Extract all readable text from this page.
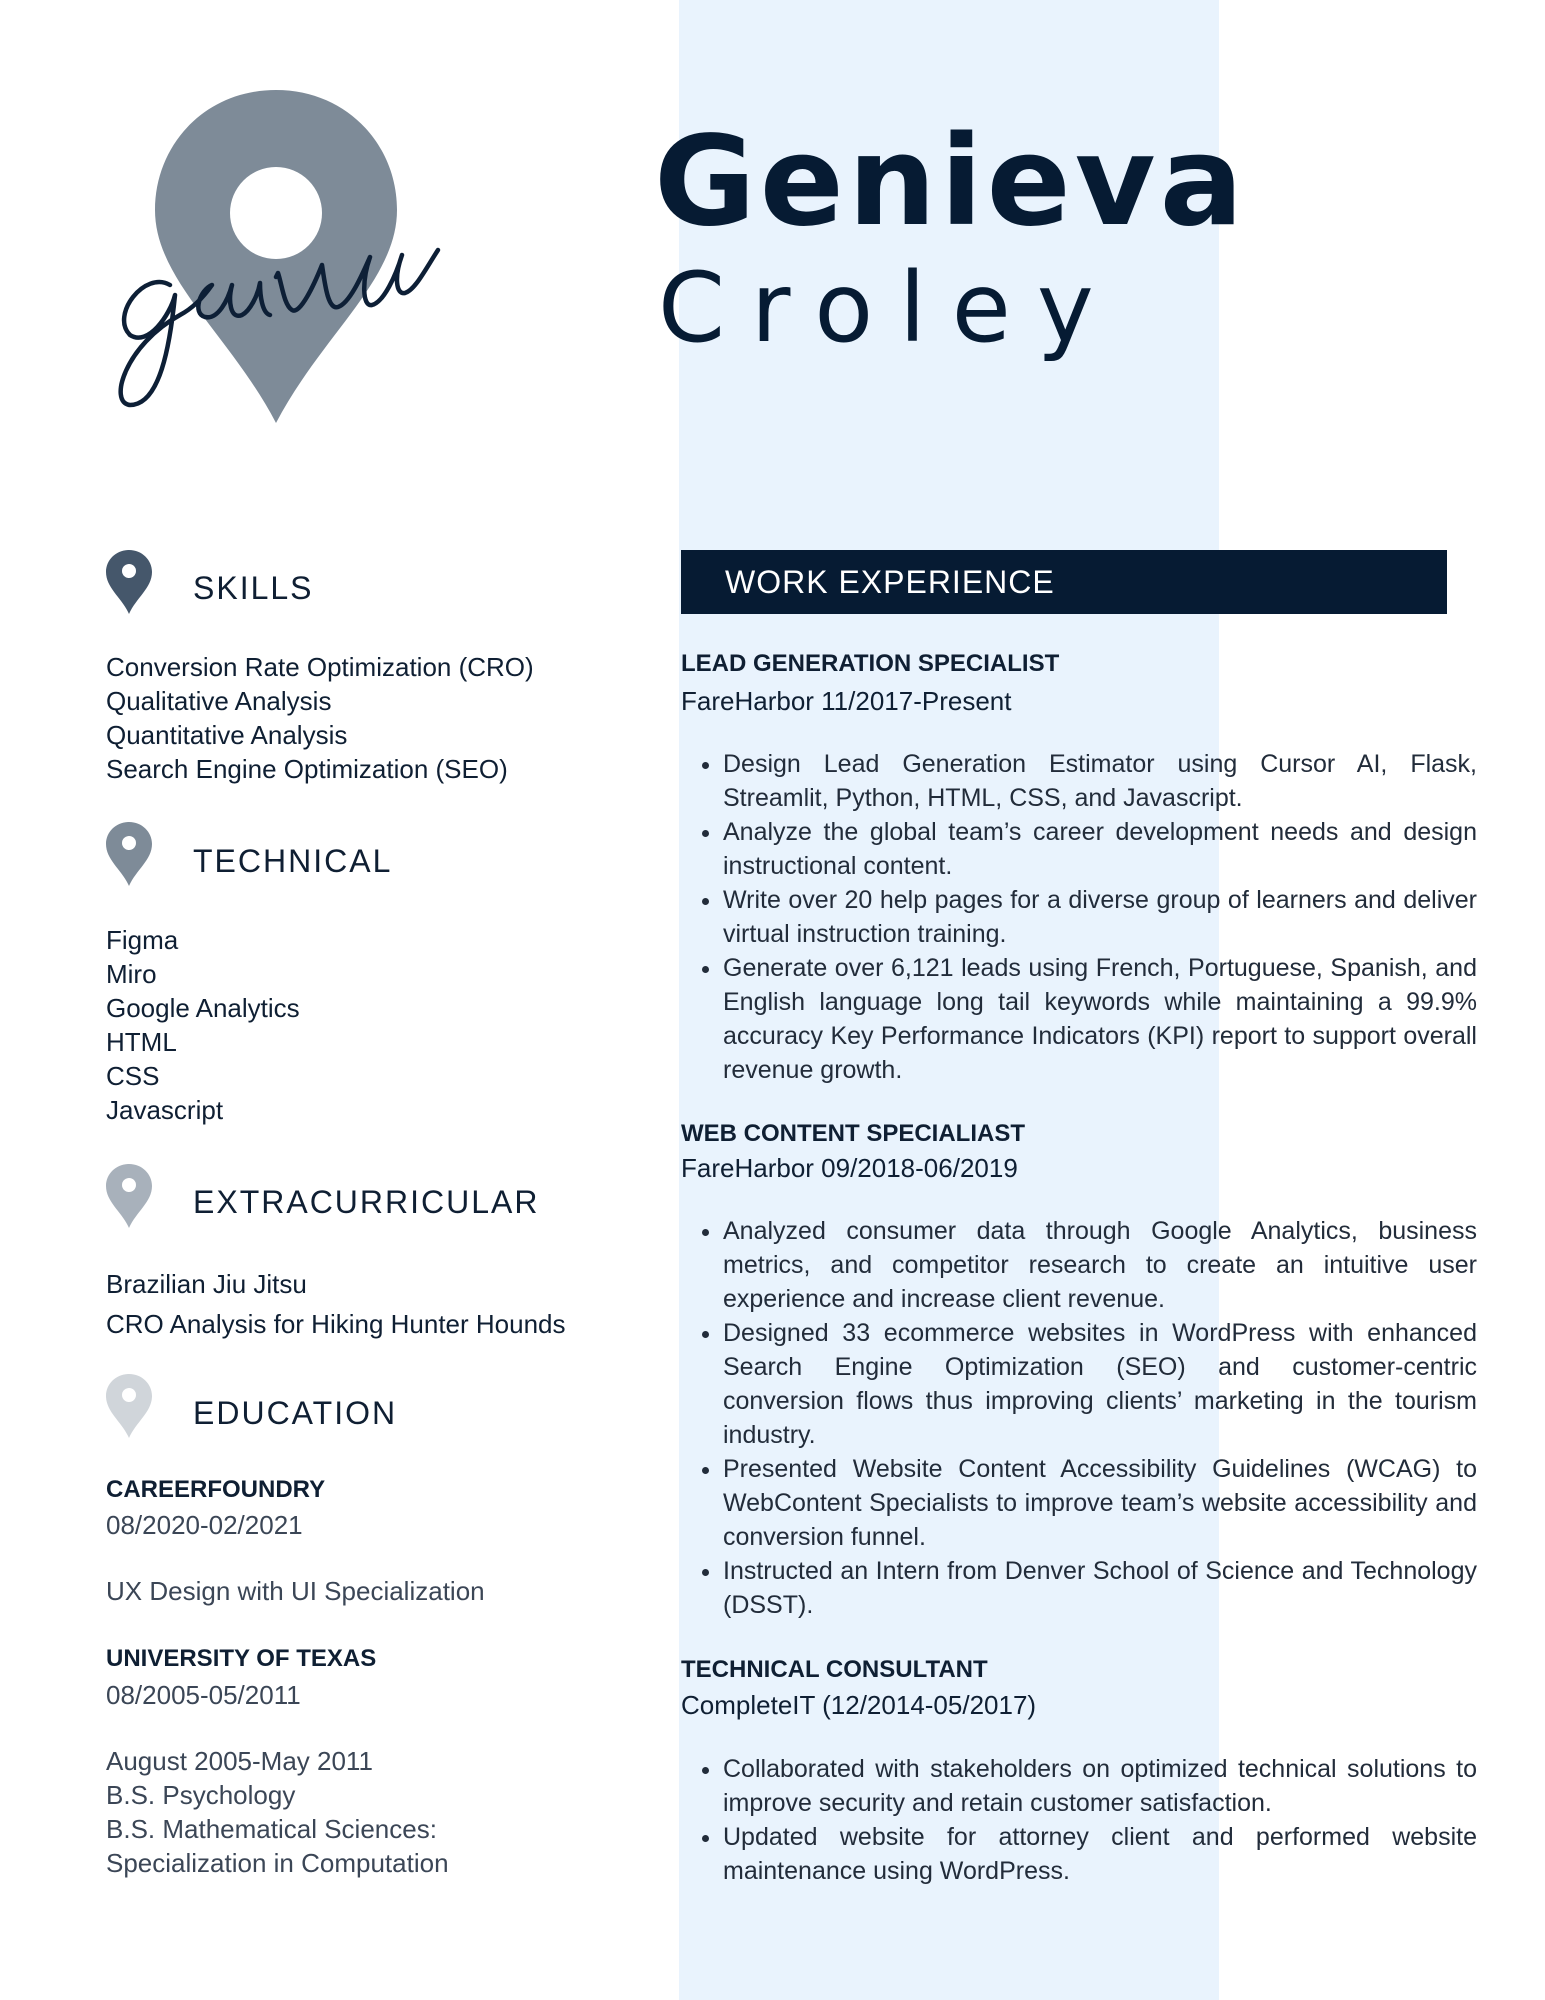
Genieva
Croley
SKILLS
Conversion Rate Optimization (CRO)
Qualitative Analysis
Quantitative Analysis
Search Engine Optimization (SEO)
TECHNICAL
Figma
Miro
Google Analytics
HTML
CSS
Javascript
EXTRACURRICULAR
Brazilian Jiu Jitsu
CRO Analysis for Hiking Hunter Hounds
EDUCATION
CAREERFOUNDRY
08/2020-02/2021
UX Design with UI Specialization
UNIVERSITY OF TEXAS
08/2005-05/2011
August 2005-May 2011
B.S. Psychology
B.S. Mathematical Sciences:
Specialization in Computation
WORK EXPERIENCE
LEAD GENERATION SPECIALIST
FareHarbor 11/2017-Present
• Design Lead Generation Estimator using Cursor AI, Flask, Streamlit, Python, HTML, CSS, and Javascript.
• Analyze the global team’s career development needs and design instructional content.
• Write over 20 help pages for a diverse group of learners and deliver virtual instruction training.
• Generate over 6,121 leads using French, Portuguese, Spanish, and English language long tail keywords while maintaining a 99.9% accuracy Key Performance Indicators (KPI) report to support overall revenue growth.
WEB CONTENT SPECIALIAST
FareHarbor 09/2018-06/2019
• Analyzed consumer data through Google Analytics, business metrics, and competitor research to create an intuitive user experience and increase client revenue.
• Designed 33 ecommerce websites in WordPress with enhanced Search Engine Optimization (SEO) and customer-centric conversion flows thus improving clients’ marketing in the tourism industry.
• Presented Website Content Accessibility Guidelines (WCAG) to WebContent Specialists to improve team’s website accessibility and conversion funnel.
• Instructed an Intern from Denver School of Science and Technology (DSST).
TECHNICAL CONSULTANT
CompleteIT (12/2014-05/2017)
• Collaborated with stakeholders on optimized technical solutions to improve security and retain customer satisfaction.
• Updated website for attorney client and performed website maintenance using WordPress.
